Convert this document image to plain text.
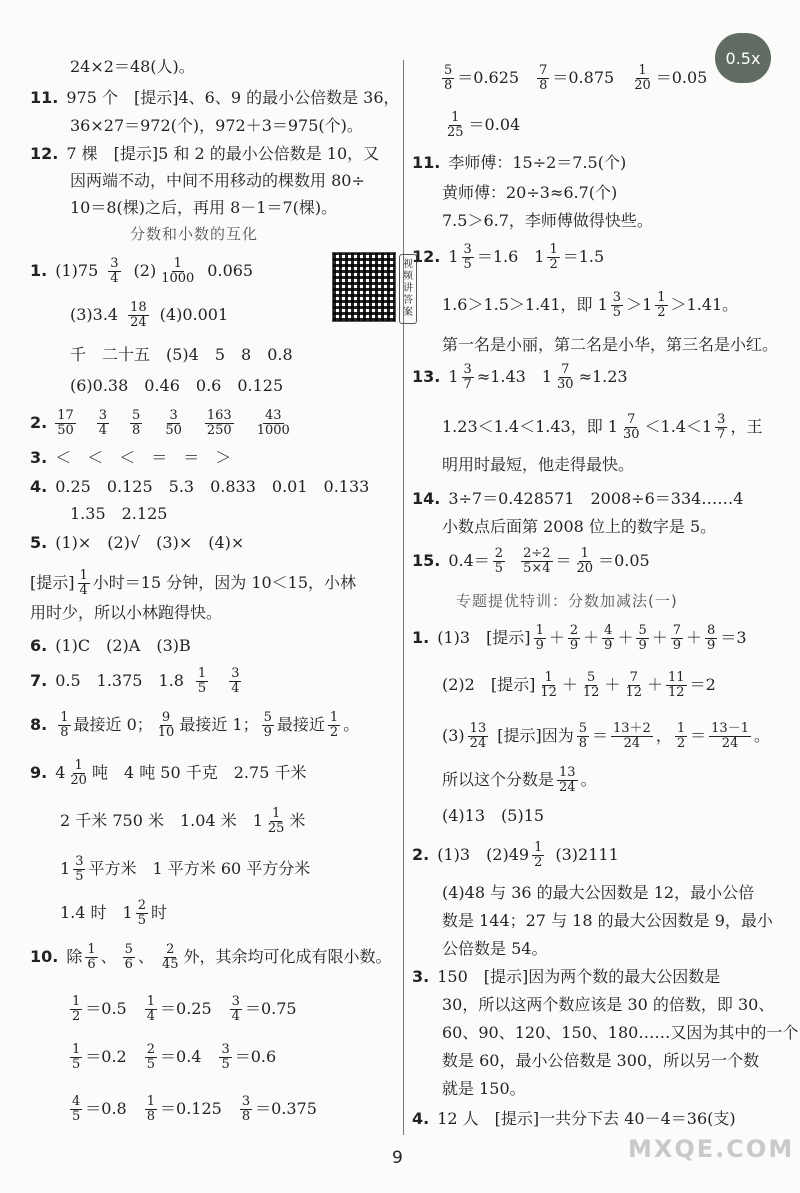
0.5x
24×2＝48(人)。
11. 975 个　[提示]4、6、9 的最小公倍数是 36，
36×27＝972(个)，972＋3＝975(个)。
12. 7 棵　[提示]5 和 2 的最小公倍数是 10，又
因两端不动，中间不用移动的棵数用 80÷
10＝8(棵)之后，再用 8－1＝7(棵)。
分数和小数的互化
1. $(1)75 \frac{3}{4} (2) \frac{1}{1000} 0.065$	视频讲答案
$(3)3.4 \frac{18}{24} (4)0.001$
千　二十五　(5)4　5　8　0.8
(6)0.38　0.46　0.6　0.125
2. $\frac{17}{50} \frac{3}{4} \frac{5}{8} \frac{3}{50} \frac{163}{250} \frac{43}{1000}$
3. ＜　＜　＜　＝　＝　＞
4. 0.25　0.125　5.3　0.833　0.01　0.133
1.35　2.125
5. (1)×　(2)√　(3)×　(4)×
[提示] $\frac{1}{4}$ 小时＝15 分钟，因为 10＜15，小林
用时少，所以小林跑得快。
6. (1)C　(2)A　(3)B
7. 0.5　1.375　$1.8 \frac{1}{5} \frac{3}{4}$
8. $\frac{1}{8}$ 最接近 0； $\frac{9}{10}$ 最接近 1； $\frac{5}{9}$ 最接近 $\frac{1}{2}$ 。
9. $4 \frac{1}{20}$ 吨　4 吨 50 千克　2.75 千米
2 千米 750 米　1.04 米　$1 \frac{1}{25}$ 米
$1 \frac{3}{5}$ 平方米　1 平方米 60 平方分米
1.4 时　$1 \frac{2}{5}$ 时
10. 除 $\frac{1}{6}$ 、 $\frac{5}{6}$ 、 $\frac{2}{45}$ 外，其余均可化成有限小数。
$\frac{1}{2} =0.5 \frac{1}{4} =0.25 \frac{3}{4} =0.75$
$\frac{1}{5} =0.2 \frac{2}{5} =0.4 \frac{3}{5} =0.6$
$\frac{4}{5} =0.8 \frac{1}{8} =0.125 \frac{3}{8} =0.375$
$\frac{5}{8} =0.625 \frac{7}{8} =0.875 \frac{1}{20} =0.05$
$\frac{1}{25} =0.04$
11. 李师傅：15÷2＝7.5(个)
黄师傅：20÷3≈6.7(个)
7.5＞6.7，李师傅做得快些。
12. $1 \frac{3}{5} =1.6$　$1 \frac{1}{2} =1.5$
1.6＞1.5＞1.41，即 $1 \frac{3}{5} >1 \frac{1}{2} >1.41$。
第一名是小丽，第二名是小华，第三名是小红。
13. $1 \frac{3}{7} \approx 1.43$　$1 \frac{7}{30} \approx 1.23$
1.23＜1.4＜1.43，即 $1 \frac{7}{30} <1.4<1 \frac{3}{7}$ ，王
明用时最短，他走得最快。
14. 3÷7＝0.428571　2008÷6＝334……4
小数点后面第 2008 位上的数字是 5。
15. $0.4= \frac{2}{5} \frac{2\div 2}{5\times 4} = \frac{1}{20} =0.05$
专题提优特训：分数加减法(一)
1. (1)3　[提示] $\frac{1}{9} + \frac{2}{9} + \frac{4}{9} + \frac{5}{9} + \frac{7}{9} + \frac{8}{9} =3$
(2)2　[提示] $\frac{1}{12} + \frac{5}{12} + \frac{7}{12} + \frac{11}{12} =2$
$(3) \frac{13}{24}$ [提示]因为 $\frac{5}{8} = \frac{13+2}{24}$ ， $\frac{1}{2} = \frac{13-1}{24}$ 。
所以这个分数是 $\frac{13}{24}$ 。
(4)13　(5)15
2. (1)3　$(2)49 \frac{1}{2} (3)2111$
(4)48 与 36 的最大公因数是 12，最小公倍
数是 144；27 与 18 的最大公因数是 9，最小
公倍数是 54。
3. 150　[提示]因为两个数的最大公因数是
30，所以这两个数应该是 30 的倍数，即 30、
60、90、120、150、180……又因为其中的一个
数是 60，最小公倍数是 300，所以另一个数
就是 150。
4. 12 人　[提示]一共分下去 40－4＝36(支)
9	MXQE.COM
